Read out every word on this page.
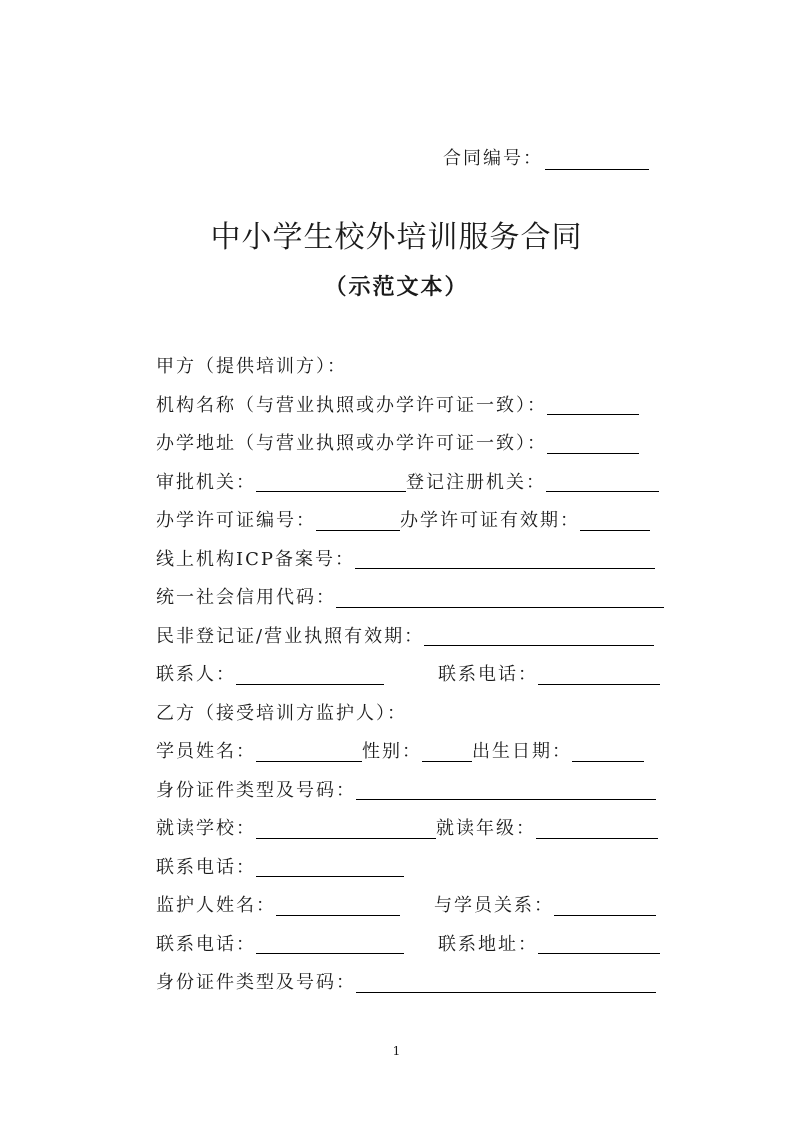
合同编号：
中小学生校外培训服务合同
（示范文本）
甲方（提供培训方）：
机构名称（与营业执照或办学许可证一致）：
办学地址（与营业执照或办学许可证一致）：
审批机关：	登记注册机关：
办学许可证编号：	办学许可证有效期：
线上机构ICP备案号：
统一社会信用代码：
民非登记证/营业执照有效期：
联系人：	联系电话：
乙方（接受培训方监护人）：
学员姓名：	性别：	出生日期：
身份证件类型及号码：
就读学校：	就读年级：
联系电话：
监护人姓名：	与学员关系：
联系电话：	联系地址：
身份证件类型及号码：
1
